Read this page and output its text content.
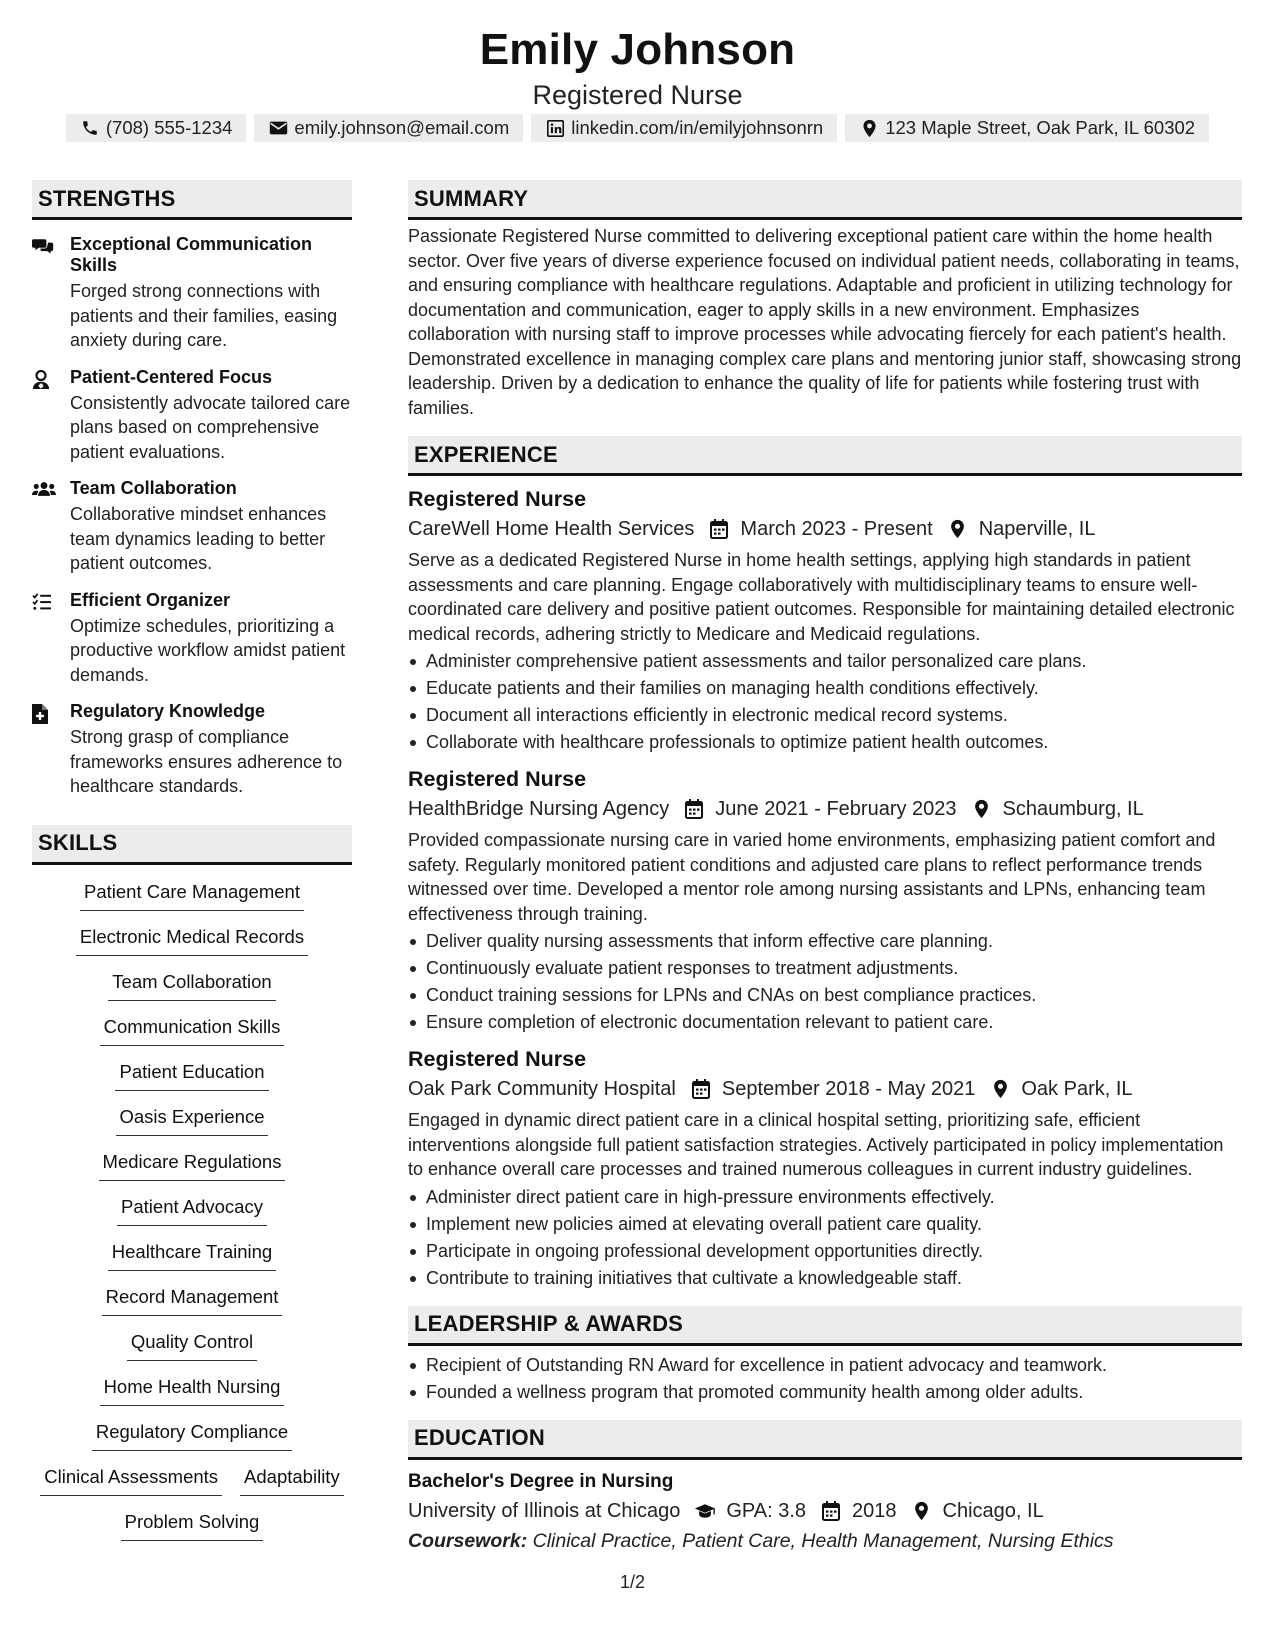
Emily Johnson
Registered Nurse
(708) 555-1234	emily.johnson@email.com	linkedin.com/in/emilyjohnsonrn	123 Maple Street, Oak Park, IL 60302
STRENGTHS
Exceptional Communication Skills
Forged strong connections with patients and their families, easing anxiety during care.
Patient-Centered Focus
Consistently advocate tailored care plans based on comprehensive patient evaluations.
Team Collaboration
Collaborative mindset enhances team dynamics leading to better patient outcomes.
Efficient Organizer
Optimize schedules, prioritizing a productive workflow amidst patient demands.
Regulatory Knowledge
Strong grasp of compliance frameworks ensures adherence to healthcare standards.
SKILLS
Patient Care Management
Electronic Medical Records
Team Collaboration
Communication Skills
Patient Education
Oasis Experience
Medicare Regulations
Patient Advocacy
Healthcare Training
Record Management
Quality Control
Home Health Nursing
Regulatory Compliance
Clinical Assessments Adaptability
Problem Solving
SUMMARY
Passionate Registered Nurse committed to delivering exceptional patient care within the home health sector. Over five years of diverse experience focused on individual patient needs, collaborating in teams, and ensuring compliance with healthcare regulations. Adaptable and proficient in utilizing technology for documentation and communication, eager to apply skills in a new environment. Emphasizes collaboration with nursing staff to improve processes while advocating fiercely for each patient's health. Demonstrated excellence in managing complex care plans and mentoring junior staff, showcasing strong leadership. Driven by a dedication to enhance the quality of life for patients while fostering trust with families.
EXPERIENCE
Registered Nurse
CareWell Home Health Services March 2023 - Present Naperville, IL
Serve as a dedicated Registered Nurse in home health settings, applying high standards in patient assessments and care planning. Engage collaboratively with multidisciplinary teams to ensure well-coordinated care delivery and positive patient outcomes. Responsible for maintaining detailed electronic medical records, adhering strictly to Medicare and Medicaid regulations.
Administer comprehensive patient assessments and tailor personalized care plans.
Educate patients and their families on managing health conditions effectively.
Document all interactions efficiently in electronic medical record systems.
Collaborate with healthcare professionals to optimize patient health outcomes.
Registered Nurse
HealthBridge Nursing Agency June 2021 - February 2023 Schaumburg, IL
Provided compassionate nursing care in varied home environments, emphasizing patient comfort and safety. Regularly monitored patient conditions and adjusted care plans to reflect performance trends witnessed over time. Developed a mentor role among nursing assistants and LPNs, enhancing team effectiveness through training.
Deliver quality nursing assessments that inform effective care planning.
Continuously evaluate patient responses to treatment adjustments.
Conduct training sessions for LPNs and CNAs on best compliance practices.
Ensure completion of electronic documentation relevant to patient care.
Registered Nurse
Oak Park Community Hospital September 2018 - May 2021 Oak Park, IL
Engaged in dynamic direct patient care in a clinical hospital setting, prioritizing safe, efficient interventions alongside full patient satisfaction strategies. Actively participated in policy implementation to enhance overall care processes and trained numerous colleagues in current industry guidelines.
Administer direct patient care in high-pressure environments effectively.
Implement new policies aimed at elevating overall patient care quality.
Participate in ongoing professional development opportunities directly.
Contribute to training initiatives that cultivate a knowledgeable staff.
LEADERSHIP & AWARDS
Recipient of Outstanding RN Award for excellence in patient advocacy and teamwork.
Founded a wellness program that promoted community health among older adults.
EDUCATION
Bachelor's Degree in Nursing
University of Illinois at Chicago GPA: 3.8 2018 Chicago, IL
Coursework: Clinical Practice, Patient Care, Health Management, Nursing Ethics
1/2
